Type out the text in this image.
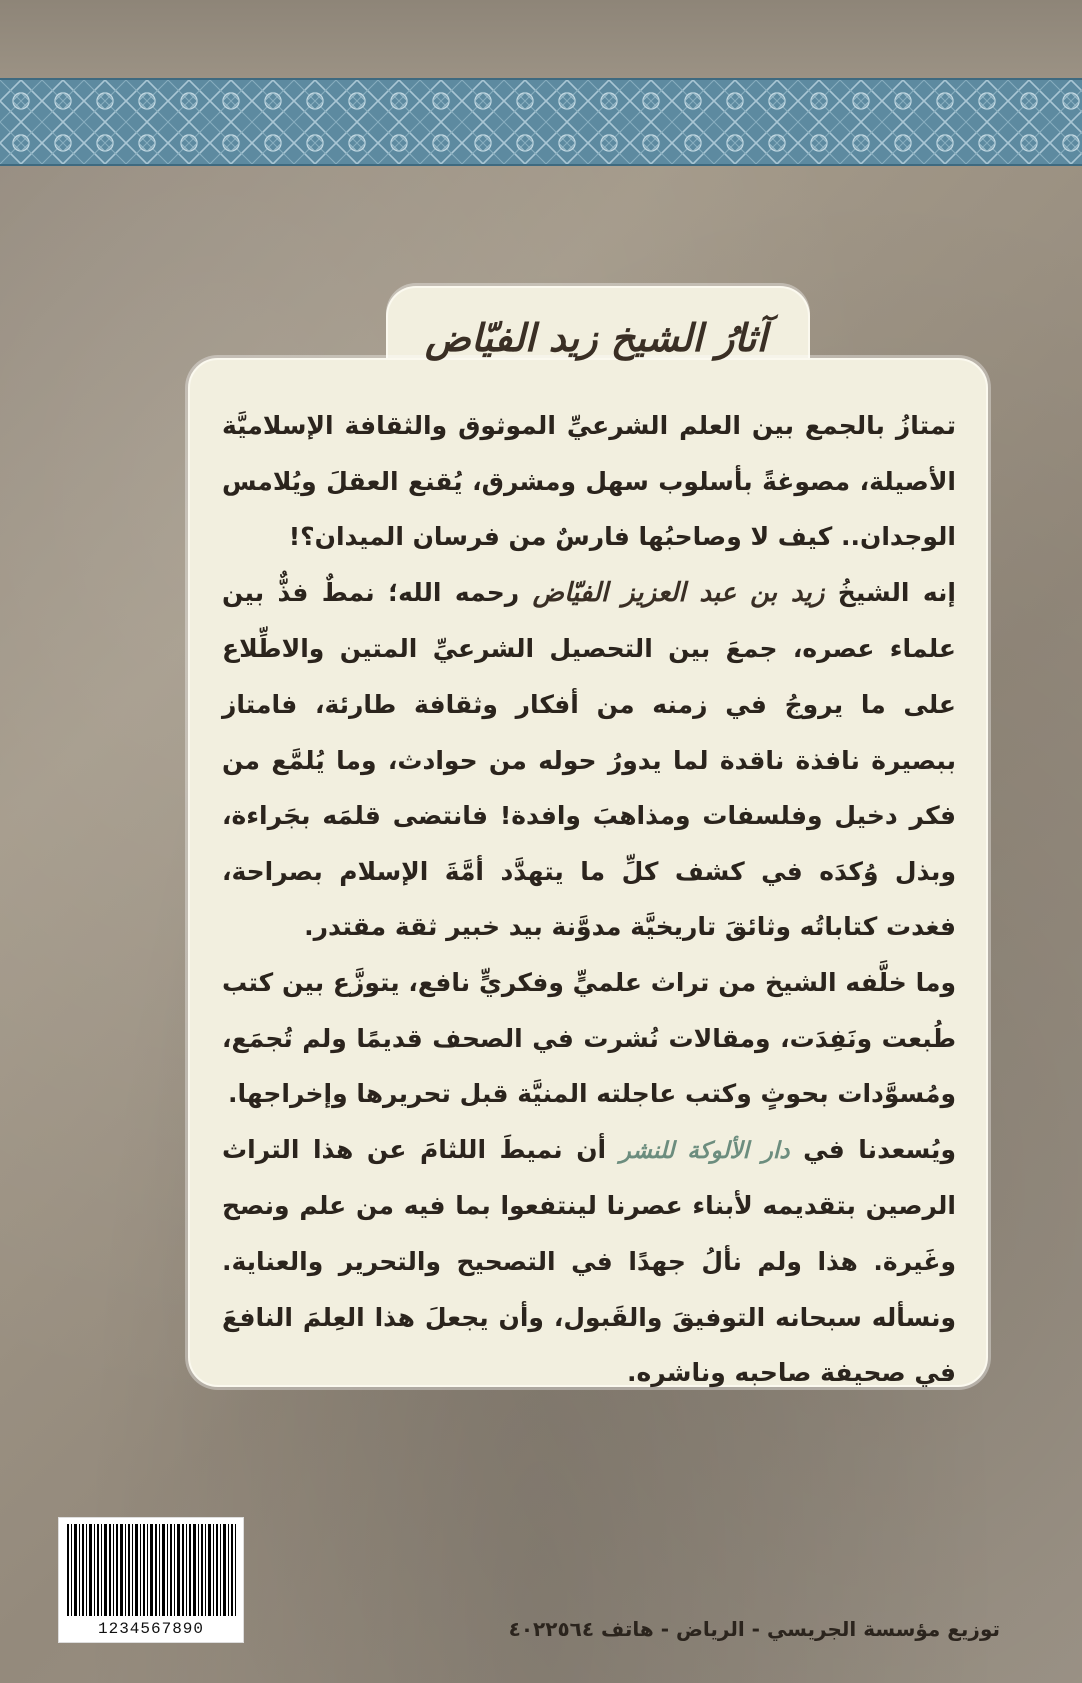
آثارُ الشيخ زيد الفيّاض

تمتازُ بالجمع بين العلم الشرعيِّ الموثوق والثقافة الإسلاميَّة الأصيلة، مصوغةً بأسلوب سهل ومشرق، يُقنع العقلَ ويُلامس الوجدان.. كيف لا وصاحبُها فارسٌ من فرسان الميدان؟!

إنه الشيخُ زيد بن عبد العزيز الفيّاض رحمه الله؛ نمطٌ فذٌّ بين علماء عصره، جمعَ بين التحصيل الشرعيِّ المتين والاطِّلاع على ما يروجُ في زمنه من أفكار وثقافة طارئة، فامتاز ببصيرة نافذة ناقدة لما يدورُ حوله من حوادث، وما يُلمَّع من فكر دخيل وفلسفات ومذاهبَ وافدة! فانتضى قلمَه بجَراءة، وبذل وُكدَه في كشف كلِّ ما يتهدَّد أمَّةَ الإسلام بصراحة، فغدت كتاباتُه وثائقَ تاريخيَّة مدوَّنة بيد خبير ثقة مقتدر.

وما خلَّفه الشيخ من تراث علميٍّ وفكريٍّ نافع، يتوزَّع بين كتب طُبعت ونَفِدَت، ومقالات نُشرت في الصحف قديمًا ولم تُجمَع، ومُسوَّدات بحوثٍ وكتب عاجلته المنيَّة قبل تحريرها وإخراجها.

ويُسعدنا في دار الألوكة للنشر أن نميطَ اللثامَ عن هذا التراث الرصين بتقديمه لأبناء عصرنا لينتفعوا بما فيه من علم ونصح وغَيرة. هذا ولم نألُ جهدًا في التصحيح والتحرير والعناية. ونسأله سبحانه التوفيقَ والقَبول، وأن يجعلَ هذا العِلمَ النافعَ في صحيفة صاحبه وناشره.

1234567890	توزيع مؤسسة الجريسي - الرياض - هاتف ٤٠٢٢٥٦٤
